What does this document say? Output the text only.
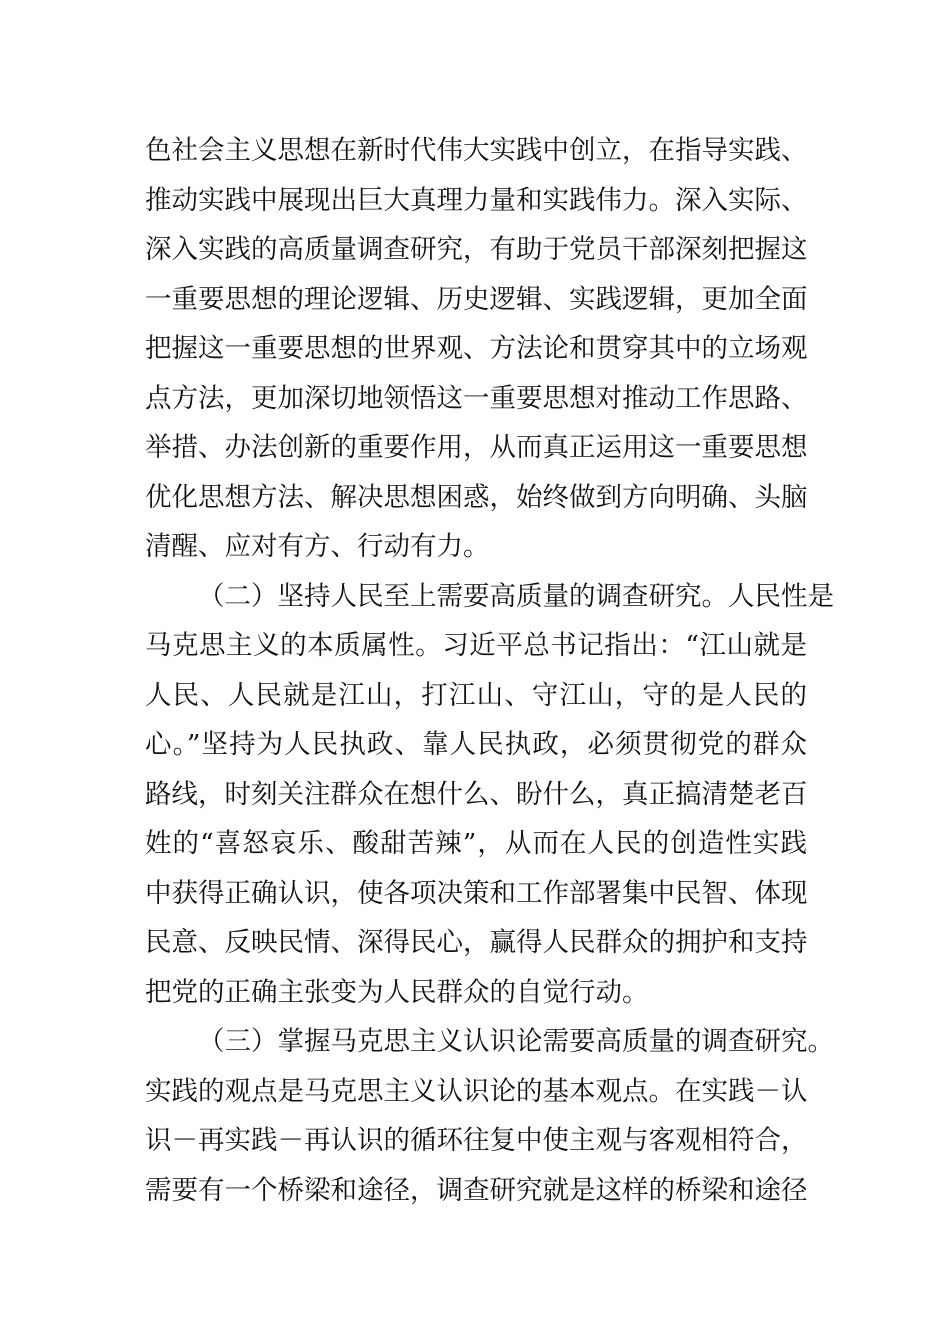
色社会主义思想在新时代伟大实践中创立，在指导实践、
推动实践中展现出巨大真理力量和实践伟力。深入实际、
深入实践的高质量调查研究，有助于党员干部深刻把握这
一重要思想的理论逻辑、历史逻辑、实践逻辑，更加全面
把握这一重要思想的世界观、方法论和贯穿其中的立场观
点方法，更加深切地领悟这一重要思想对推动工作思路、
举措、办法创新的重要作用，从而真正运用这一重要思想
优化思想方法、解决思想困惑，始终做到方向明确、头脑
清醒、应对有方、行动有力。
（二）坚持人民至上需要高质量的调查研究。人民性是
马克思主义的本质属性。习近平总书记指出：“江山就是
人民、人民就是江山，打江山、守江山，守的是人民的
心。”坚持为人民执政、靠人民执政，必须贯彻党的群众
路线，时刻关注群众在想什么、盼什么，真正搞清楚老百
姓的“喜怒哀乐、酸甜苦辣”，从而在人民的创造性实践
中获得正确认识，使各项决策和工作部署集中民智、体现
民意、反映民情、深得民心，赢得人民群众的拥护和支持
把党的正确主张变为人民群众的自觉行动。
（三）掌握马克思主义认识论需要高质量的调查研究。
实践的观点是马克思主义认识论的基本观点。在实践－认
识－再实践－再认识的循环往复中使主观与客观相符合，
需要有一个桥梁和途径，调查研究就是这样的桥梁和途径
